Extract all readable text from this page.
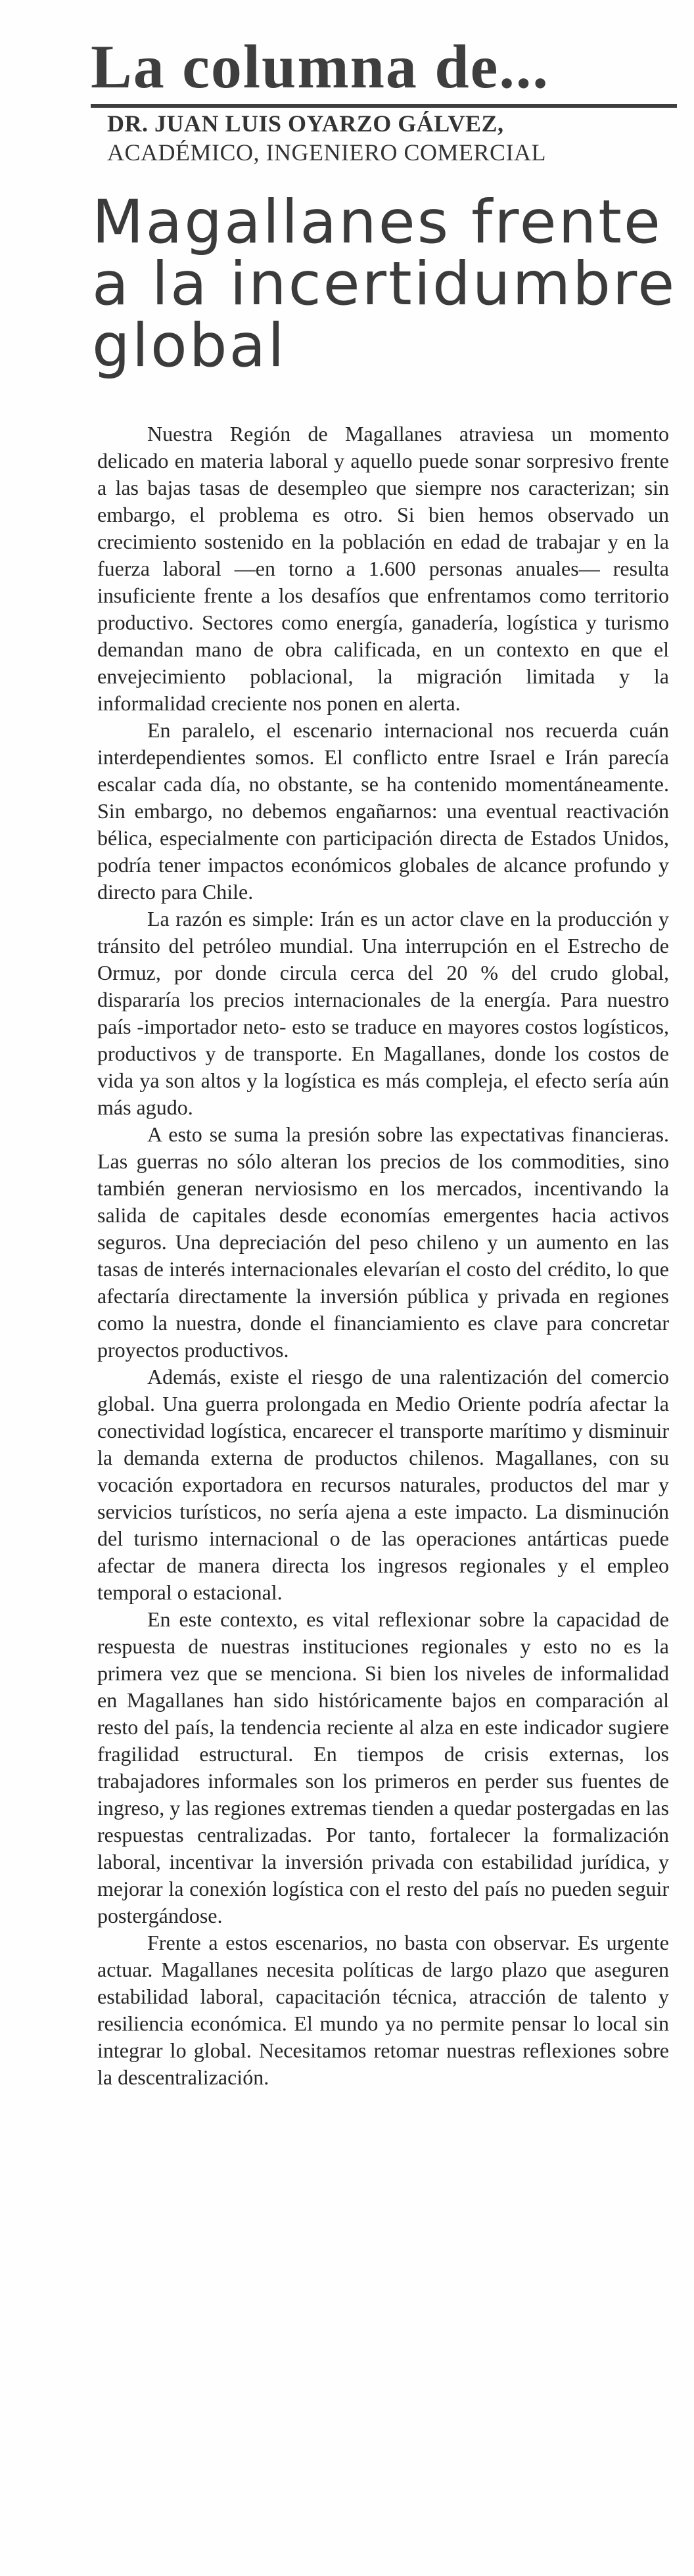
La columna de...
DR. JUAN LUIS OYARZO GÁLVEZ,
ACADÉMICO, INGENIERO COMERCIAL
Magallanes frente
a la incertidumbre
global

Nuestra Región de Magallanes atraviesa un momento delicado en materia laboral y aquello puede sonar sorpresivo frente a las bajas tasas de desempleo que siempre nos caracterizan; sin embargo, el problema es otro. Si bien hemos observado un crecimiento sostenido en la población en edad de trabajar y en la fuerza laboral —en torno a 1.600 personas anuales— resulta insuficiente frente a los desafíos que enfrentamos como territorio productivo. Sectores como energía, ganadería, logística y turismo demandan mano de obra calificada, en un contexto en que el envejecimiento poblacional, la migración limitada y la informalidad creciente nos ponen en alerta.

En paralelo, el escenario internacional nos recuerda cuán interdependientes somos. El conflicto entre Israel e Irán parecía escalar cada día, no obstante, se ha contenido momentáneamente. Sin embargo, no debemos engañarnos: una eventual reactivación bélica, especialmente con participación directa de Estados Unidos, podría tener impactos económicos globales de alcance profundo y directo para Chile.

La razón es simple: Irán es un actor clave en la producción y tránsito del petróleo mundial. Una interrupción en el Estrecho de Ormuz, por donde circula cerca del 20 % del crudo global, dispararía los precios internacionales de la energía. Para nuestro país -importador neto- esto se traduce en mayores costos logísticos, productivos y de transporte. En Magallanes, donde los costos de vida ya son altos y la logística es más compleja, el efecto sería aún más agudo.

A esto se suma la presión sobre las expectativas financieras. Las guerras no sólo alteran los precios de los commodities, sino también generan nerviosismo en los mercados, incentivando la salida de capitales desde economías emergentes hacia activos seguros. Una depreciación del peso chileno y un aumento en las tasas de interés internacionales elevarían el costo del crédito, lo que afectaría directamente la inversión pública y privada en regiones como la nuestra, donde el financiamiento es clave para concretar proyectos productivos.

Además, existe el riesgo de una ralentización del comercio global. Una guerra prolongada en Medio Oriente podría afectar la conectividad logística, encarecer el transporte marítimo y disminuir la demanda externa de productos chilenos. Magallanes, con su vocación exportadora en recursos naturales, productos del mar y servicios turísticos, no sería ajena a este impacto. La disminución del turismo internacional o de las operaciones antárticas puede afectar de manera directa los ingresos regionales y el empleo temporal o estacional.

En este contexto, es vital reflexionar sobre la capacidad de respuesta de nuestras instituciones regionales y esto no es la primera vez que se menciona. Si bien los niveles de informalidad en Magallanes han sido históricamente bajos en comparación al resto del país, la tendencia reciente al alza en este indicador sugiere fragilidad estructural. En tiempos de crisis externas, los trabajadores informales son los primeros en perder sus fuentes de ingreso, y las regiones extremas tienden a quedar postergadas en las respuestas centralizadas. Por tanto, fortalecer la formalización laboral, incentivar la inversión privada con estabilidad jurídica, y mejorar la conexión logística con el resto del país no pueden seguir postergándose.

Frente a estos escenarios, no basta con observar. Es urgente actuar. Magallanes necesita políticas de largo plazo que aseguren estabilidad laboral, capacitación técnica, atracción de talento y resiliencia económica. El mundo ya no permite pensar lo local sin integrar lo global. Necesitamos retomar nuestras reflexiones sobre la descentralización.
